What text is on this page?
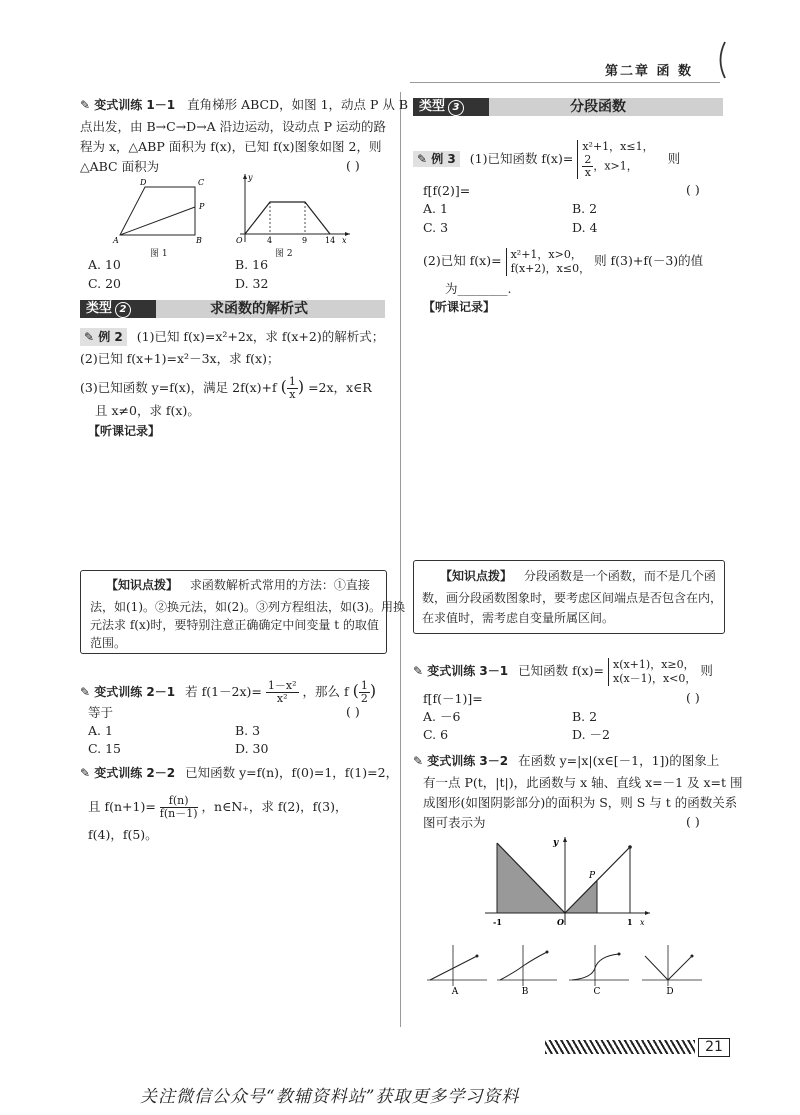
第二章 函 数
✎ 变式训练 1－1 直角梯形 ABCD，如图 1，动点 P 从 B
点出发，由 B→C→D→A 沿边运动，设动点 P 运动的路
程为 x，△ABP 面积为 f(x)，已知 f(x)图象如图 2，则
△ABC 面积为	( )
D	C
P
A	B
图 1
y
O	4	9 14 x
图 2
A. 10	B. 16
C. 20	D. 32
类型 2	求函数的解析式
✎ 例 2 (1)已知 f(x)=x²+2x，求 f(x+2)的解析式；
(2)已知 f(x+1)=x²－3x，求 f(x)；
(3)已知函数 y=f(x)，满足 2f(x)+f ( $\frac{1}{x}$ ) =2x，x∈R
且 x≠0，求 f(x)。
【听课记录】
【知识点拨】 求函数解析式常用的方法：①直接
法，如(1)。②换元法，如(2)。③列方程组法，如(3)。用换
元法求 f(x)时，要特别注意正确确定中间变量 t 的取值
范围。
✎ 变式训练 2－1 若 $f(1-2x)= \frac{\text{1－x²}}{\text{x²}}$ ，那么 f ( $\frac{1}{2}$ )
等于	( )
A. 1	B. 3
C. 15	D. 30
✎ 变式训练 2－2 已知函数 y=f(n)，f(0)=1，f(1)=2，
且 $f(n+1)= \frac{f(n)}{f(n-1)}$ ，n∈N₊，求 f(2)，f(3)，
f(4)，f(5)。
类型 3	分段函数
✎ 例 3 (1)已知函数 f(x)=
x²+1，x≤1，
$\frac{2}{x}$ ，x>1，	则
f[f(2)]=	( )
A. 1	B. 2
C. 3	D. 4
(2)已知 f(x)= x²+1，x>0，
f(x+2)，x≤0， 则 f(3)+f(－3)的值
为________.
【听课记录】
【知识点拨】 分段函数是一个函数，而不是几个函
数，画分段函数图象时，要考虑区间端点是否包含在内，
在求值时，需考虑自变量所属区间。
✎ 变式训练 3－1 已知函数 f(x)= x(x+1)，x≥0，
x(x－1)，x<0， 则
f[f(－1)]=	( )
A. －6	B. 2
C. 6	D. －2
✎ 变式训练 3－2 在函数 y=|x|(x∈[－1，1])的图象上
有一点 P(t，|t|)，此函数与 x 轴、直线 x=－1 及 x=t 围
成图形(如图阴影部分)的面积为 S，则 S 与 t 的函数关系
图可表示为	( )
y
P
-1	O	1 x
A	B	C	D
21
关注微信公众号“教辅资料站”获取更多学习资料
